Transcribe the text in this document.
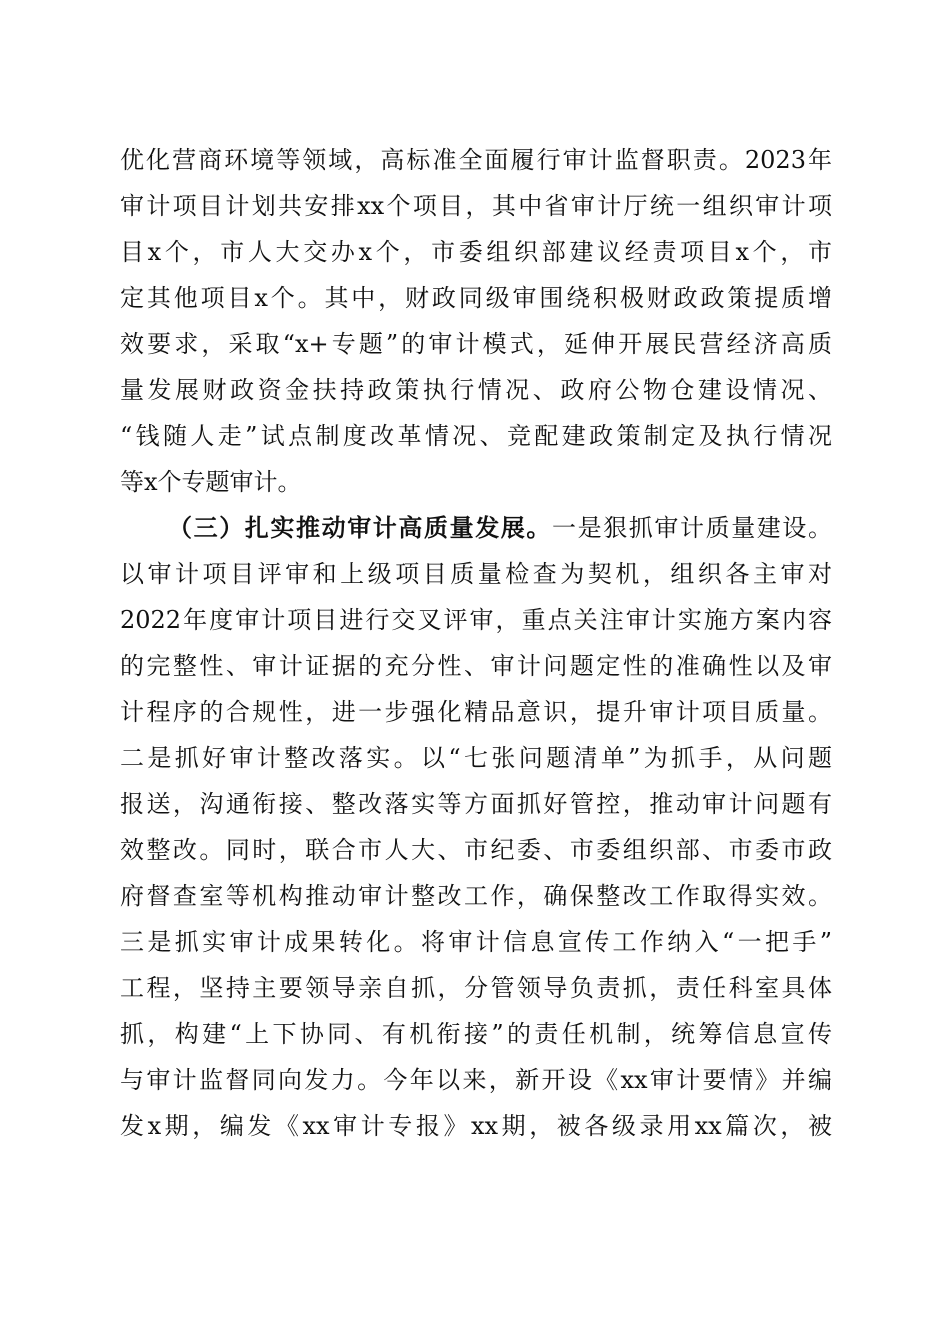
优化营商环境等领域，高标准全面履行审计监督职责。2023年
审计项目计划共安排xx个项目，其中省审计厅统一组织审计项
目x个，市人大交办x个，市委组织部建议经责项目x个，市
定其他项目x个。其中，财政同级审围绕积极财政政策提质增
效要求，采取“x+专题”的审计模式，延伸开展民营经济高质
量发展财政资金扶持政策执行情况、政府公物仓建设情况、
“钱随人走”试点制度改革情况、竞配建政策制定及执行情况
等x个专题审计。
（三）扎实推动审计高质量发展。一是狠抓审计质量建设。
以审计项目评审和上级项目质量检查为契机，组织各主审对
2022年度审计项目进行交叉评审，重点关注审计实施方案内容
的完整性、审计证据的充分性、审计问题定性的准确性以及审
计程序的合规性，进一步强化精品意识，提升审计项目质量。
二是抓好审计整改落实。以“七张问题清单”为抓手，从问题
报送，沟通衔接、整改落实等方面抓好管控，推动审计问题有
效整改。同时，联合市人大、市纪委、市委组织部、市委市政
府督查室等机构推动审计整改工作，确保整改工作取得实效。
三是抓实审计成果转化。将审计信息宣传工作纳入“一把手”
工程，坚持主要领导亲自抓，分管领导负责抓，责任科室具体
抓，构建“上下协同、有机衔接”的责任机制，统筹信息宣传
与审计监督同向发力。今年以来，新开设《xx审计要情》并编
发x期，编发《xx审计专报》xx期，被各级录用xx篇次，被
